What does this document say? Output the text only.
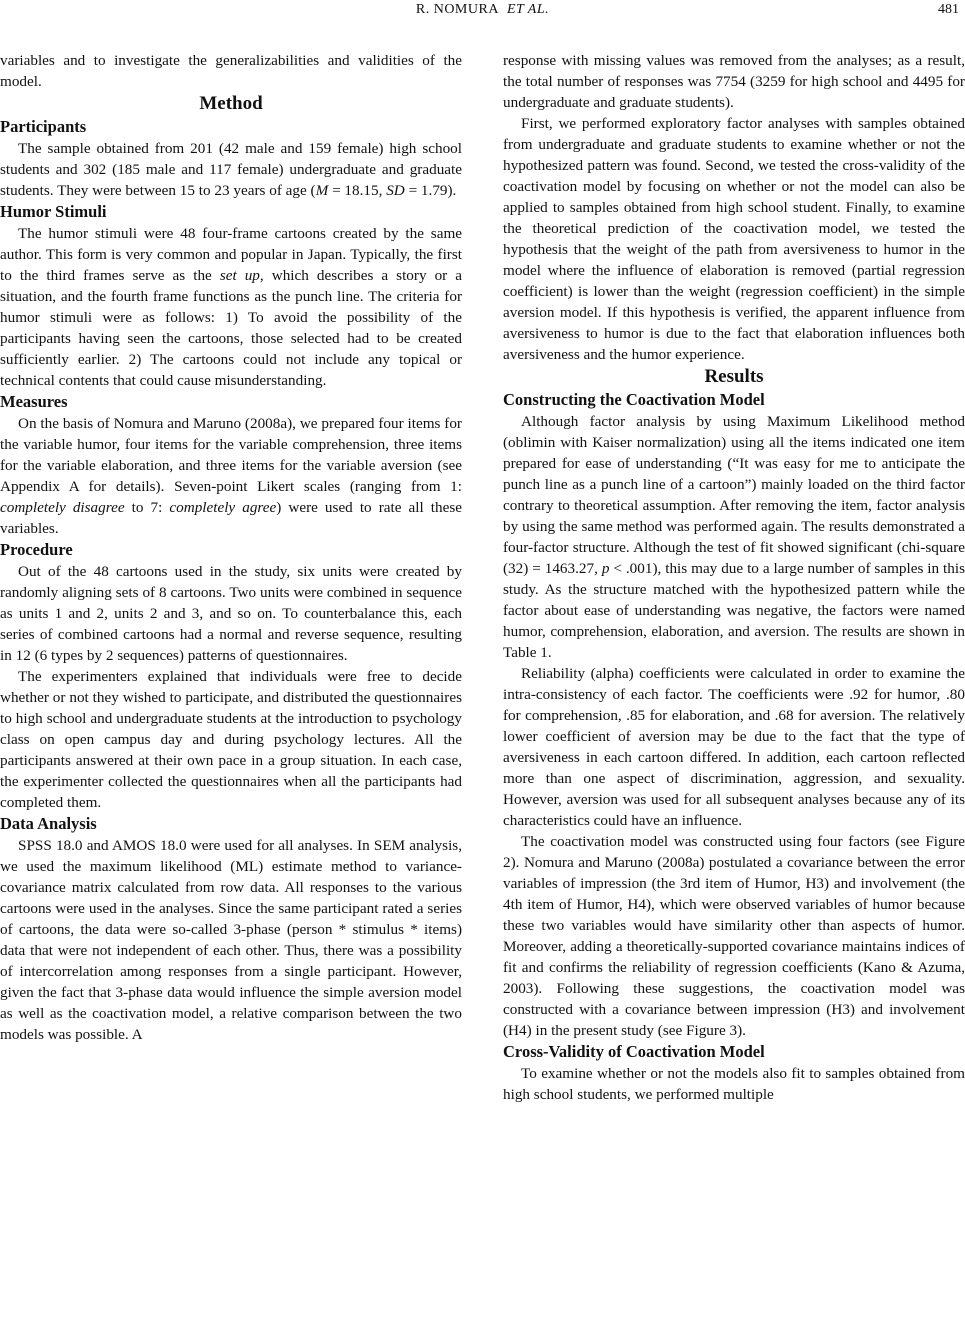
R. NOMURA ET AL.	481

variables and to investigate the generalizabilities and validities of the model.

Method
Participants

The sample obtained from 201 (42 male and 159 female) high school students and 302 (185 male and 117 female) undergraduate and graduate students. They were between 15 to 23 years of age (M = 18.15, SD = 1.79).

Humor Stimuli

The humor stimuli were 48 four-frame cartoons created by the same author. This form is very common and popular in Japan. Typically, the first to the third frames serve as the set up, which describes a story or a situation, and the fourth frame functions as the punch line. The criteria for humor stimuli were as follows: 1) To avoid the possibility of the participants having seen the cartoons, those selected had to be created sufficiently earlier. 2) The cartoons could not include any topical or technical contents that could cause misunderstanding.

Measures

On the basis of Nomura and Maruno (2008a), we prepared four items for the variable humor, four items for the variable comprehension, three items for the variable elaboration, and three items for the variable aversion (see Appendix A for details). Seven-point Likert scales (ranging from 1: completely disagree to 7: completely agree) were used to rate all these variables.

Procedure

Out of the 48 cartoons used in the study, six units were created by randomly aligning sets of 8 cartoons. Two units were combined in sequence as units 1 and 2, units 2 and 3, and so on. To counterbalance this, each series of combined cartoons had a normal and reverse sequence, resulting in 12 (6 types by 2 sequences) patterns of questionnaires.

The experimenters explained that individuals were free to decide whether or not they wished to participate, and distributed the questionnaires to high school and undergraduate students at the introduction to psychology class on open campus day and during psychology lectures. All the participants answered at their own pace in a group situation. In each case, the experimenter collected the questionnaires when all the participants had completed them.

Data Analysis

SPSS 18.0 and AMOS 18.0 were used for all analyses. In SEM analysis, we used the maximum likelihood (ML) estimate method to variance-covariance matrix calculated from row data. All responses to the various cartoons were used in the analyses. Since the same participant rated a series of cartoons, the data were so-called 3-phase (person * stimulus * items) data that were not independent of each other. Thus, there was a possibility of intercorrelation among responses from a single participant. However, given the fact that 3-phase data would influence the simple aversion model as well as the coactivation model, a relative comparison between the two models was possible. A

response with missing values was removed from the analyses; as a result, the total number of responses was 7754 (3259 for high school and 4495 for undergraduate and graduate students).

First, we performed exploratory factor analyses with samples obtained from undergraduate and graduate students to examine whether or not the hypothesized pattern was found. Second, we tested the cross-validity of the coactivation model by focusing on whether or not the model can also be applied to samples obtained from high school student. Finally, to examine the theoretical prediction of the coactivation model, we tested the hypothesis that the weight of the path from aversiveness to humor in the model where the influence of elaboration is removed (partial regression coefficient) is lower than the weight (regression coefficient) in the simple aversion model. If this hypothesis is verified, the apparent influence from aversiveness to humor is due to the fact that elaboration influences both aversiveness and the humor experience.

Results
Constructing the Coactivation Model

Although factor analysis by using Maximum Likelihood method (oblimin with Kaiser normalization) using all the items indicated one item prepared for ease of understanding (“It was easy for me to anticipate the punch line as a punch line of a cartoon”) mainly loaded on the third factor contrary to theoretical assumption. After removing the item, factor analysis by using the same method was performed again. The results demonstrated a four-factor structure. Although the test of fit showed significant (chi-square (32) = 1463.27, p < .001), this may due to a large number of samples in this study. As the structure matched with the hypothesized pattern while the factor about ease of understanding was negative, the factors were named humor, comprehension, elaboration, and aversion. The results are shown in Table 1.

Reliability (alpha) coefficients were calculated in order to examine the intra-consistency of each factor. The coefficients were .92 for humor, .80 for comprehension, .85 for elaboration, and .68 for aversion. The relatively lower coefficient of aversion may be due to the fact that the type of aversiveness in each cartoon differed. In addition, each cartoon reflected more than one aspect of discrimination, aggression, and sexuality. However, aversion was used for all subsequent analyses because any of its characteristics could have an influence.

The coactivation model was constructed using four factors (see Figure 2). Nomura and Maruno (2008a) postulated a covariance between the error variables of impression (the 3rd item of Humor, H3) and involvement (the 4th item of Humor, H4), which were observed variables of humor because these two variables would have similarity other than aspects of humor. Moreover, adding a theoretically-supported covariance maintains indices of fit and confirms the reliability of regression coefficients (Kano & Azuma, 2003). Following these suggestions, the coactivation model was constructed with a covariance between impression (H3) and involvement (H4) in the present study (see Figure 3).

Cross-Validity of Coactivation Model

To examine whether or not the models also fit to samples obtained from high school students, we performed multiple
